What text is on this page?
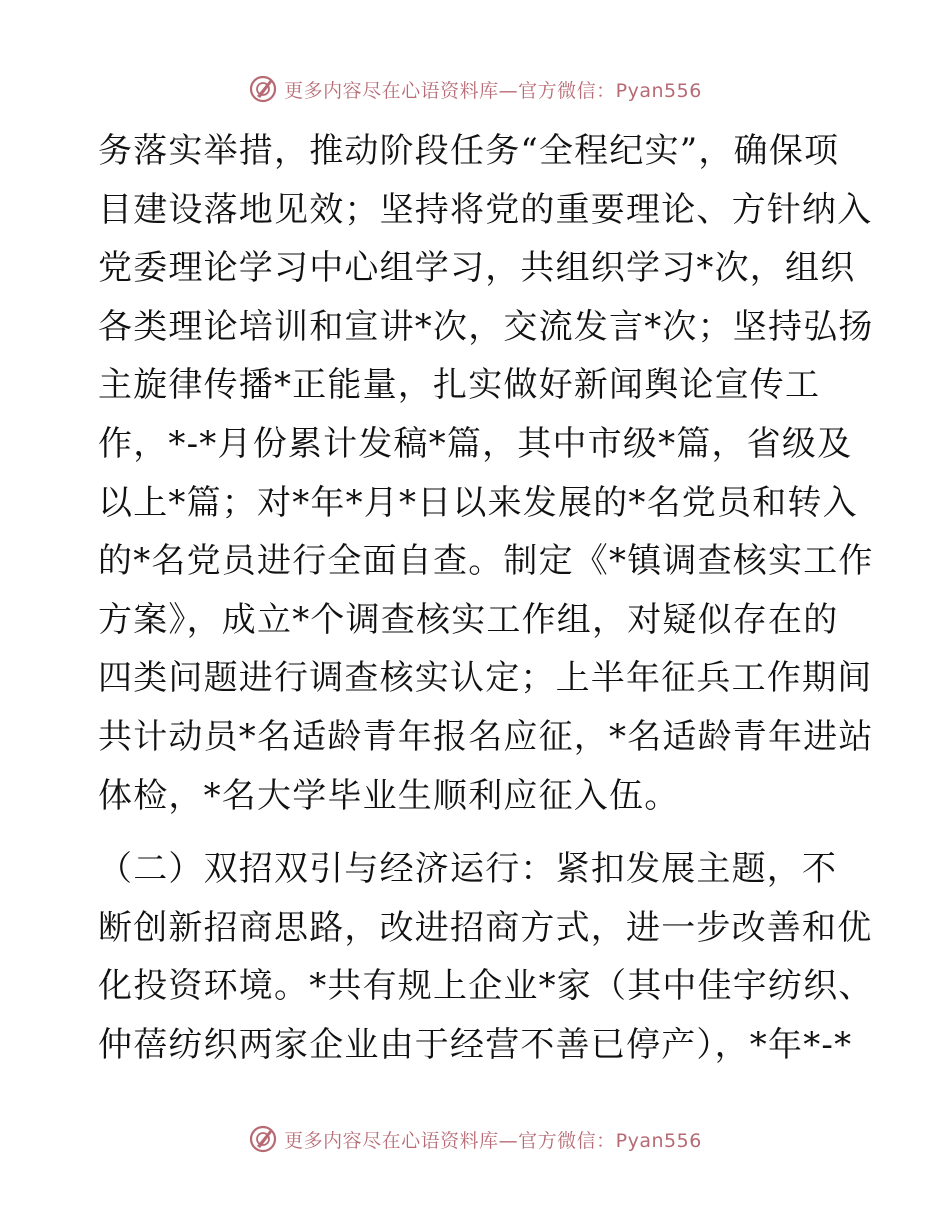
更多内容尽在心语资料库—官方微信：Pyan556
务落实举措，推动阶段任务“全程纪实”，确保项
目建设落地见效；坚持将党的重要理论、方针纳入
党委理论学习中心组学习，共组织学习*次，组织
各类理论培训和宣讲*次，交流发言*次；坚持弘扬
主旋律传播*正能量，扎实做好新闻舆论宣传工
作，*-*月份累计发稿*篇，其中市级*篇，省级及
以上*篇；对*年*月*日以来发展的*名党员和转入
的*名党员进行全面自查。制定《*镇调查核实工作
方案》，成立*个调查核实工作组，对疑似存在的
四类问题进行调查核实认定；上半年征兵工作期间
共计动员*名适龄青年报名应征，*名适龄青年进站
体检，*名大学毕业生顺利应征入伍。
（二）双招双引与经济运行：紧扣发展主题，不
断创新招商思路，改进招商方式，进一步改善和优
化投资环境。*共有规上企业*家（其中佳宇纺织、
仲蓓纺织两家企业由于经营不善已停产），*年*-*
更多内容尽在心语资料库—官方微信：Pyan556
